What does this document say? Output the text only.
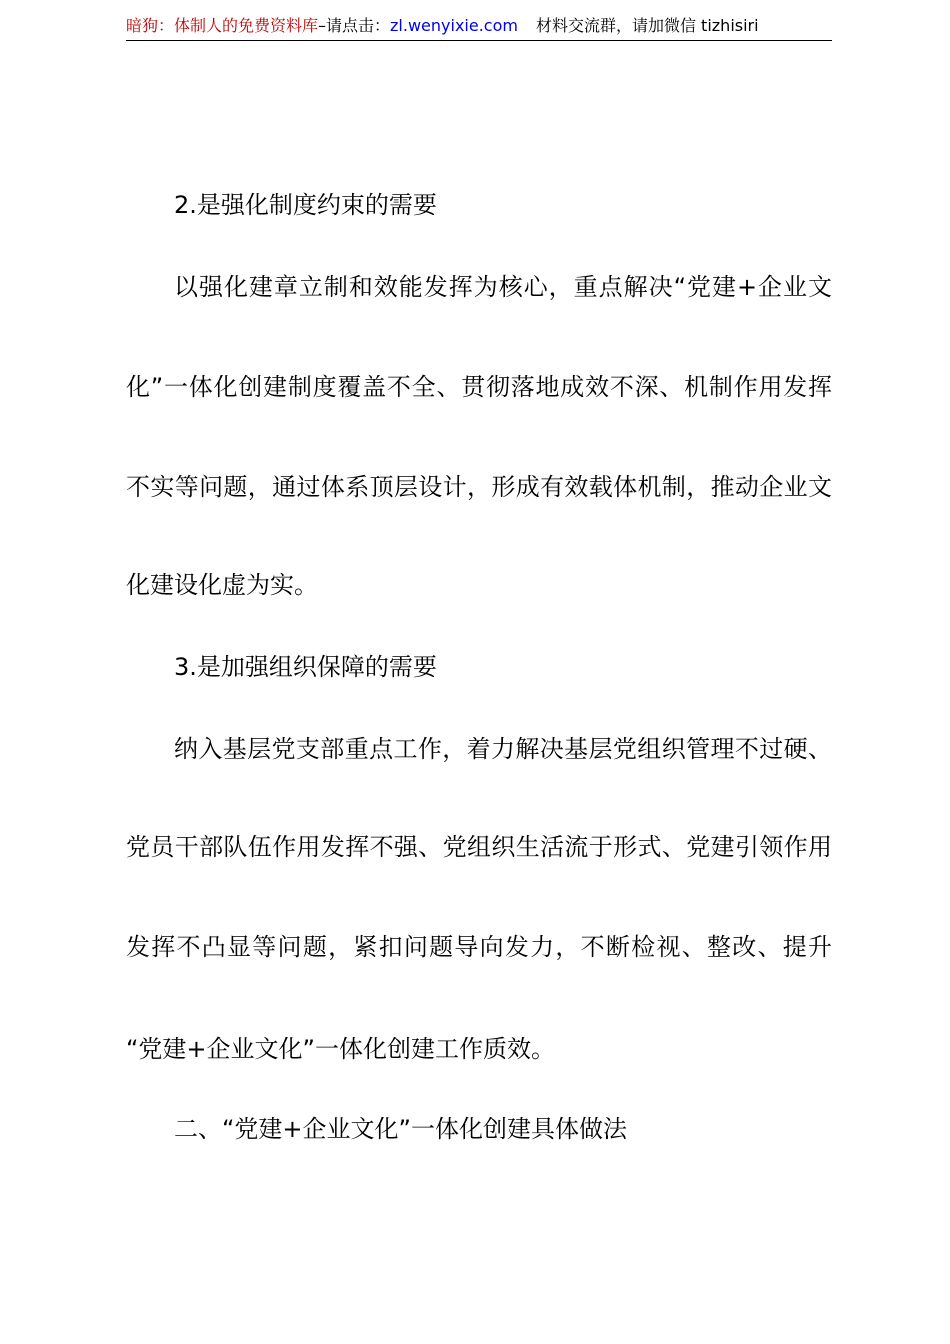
暗狗：体制人的免费资料库–请点击：zl.wenyixie.com 材料交流群，请加微信 tizhisiri
2.是强化制度约束的需要
以强化建章立制和效能发挥为核心，重点解决“党建+企业文
化”一体化创建制度覆盖不全、贯彻落地成效不深、机制作用发挥
不实等问题，通过体系顶层设计，形成有效载体机制，推动企业文
化建设化虚为实。
3.是加强组织保障的需要
纳入基层党支部重点工作，着力解决基层党组织管理不过硬、
党员干部队伍作用发挥不强、党组织生活流于形式、党建引领作用
发挥不凸显等问题，紧扣问题导向发力，不断检视、整改、提升
“党建+企业文化”一体化创建工作质效。
二、“党建+企业文化”一体化创建具体做法
